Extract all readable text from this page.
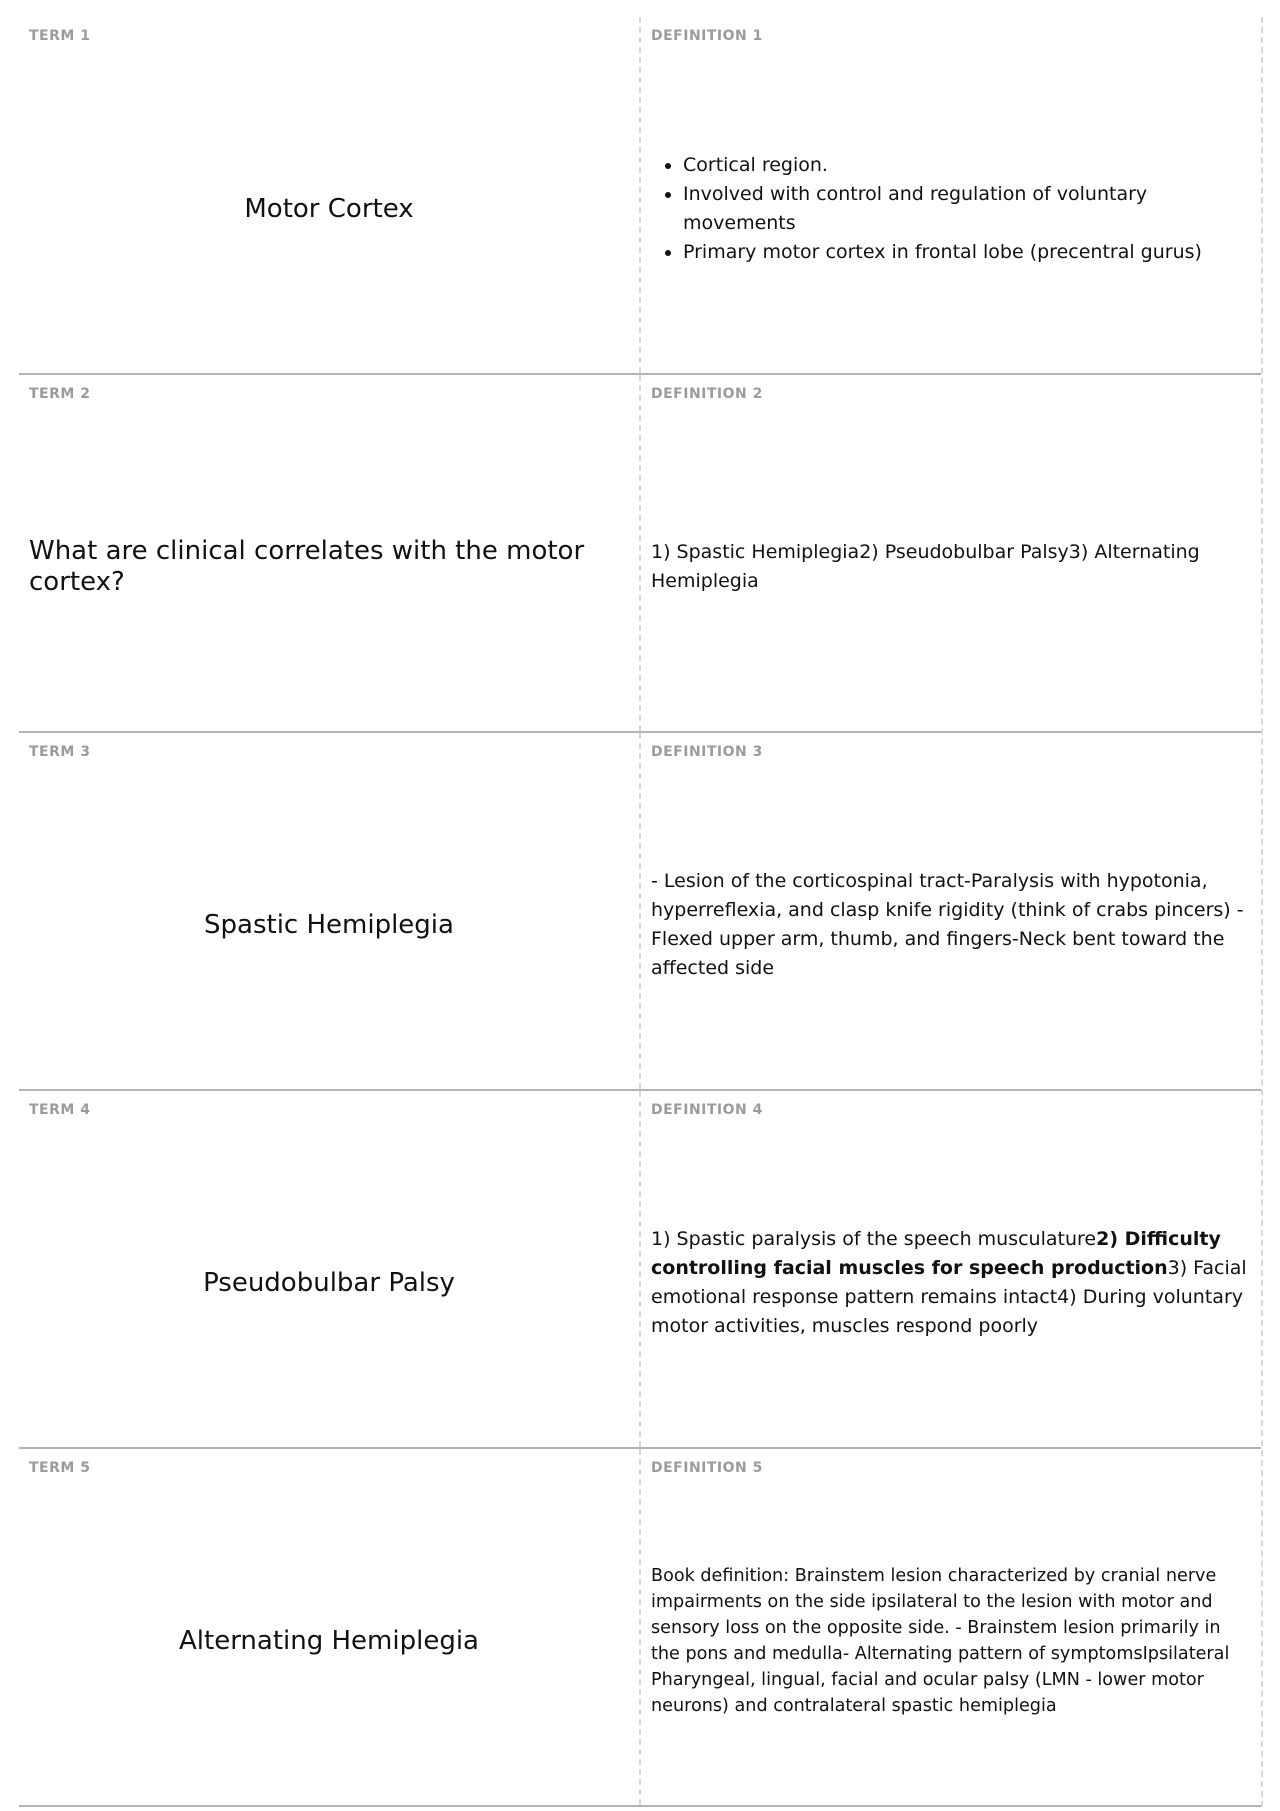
TERM 1
Motor Cortex
DEFINITION 1
• Cortical region.
• Involved with control and regulation of voluntary movements
• Primary motor cortex in frontal lobe (precentral gurus)
TERM 2
What are clinical correlates with the motor cortex?
DEFINITION 2
1) Spastic Hemiplegia2) Pseudobulbar Palsy3) Alternating Hemiplegia
TERM 3
Spastic Hemiplegia
DEFINITION 3
- Lesion of the corticospinal tract-Paralysis with hypotonia, hyperreflexia, and clasp knife rigidity (think of crabs pincers) -Flexed upper arm, thumb, and fingers-Neck bent toward the affected side
TERM 4
Pseudobulbar Palsy
DEFINITION 4
1) Spastic paralysis of the speech musculature2) Difficulty controlling facial muscles for speech production3) Facial emotional response pattern remains intact4) During voluntary motor activities, muscles respond poorly
TERM 5
Alternating Hemiplegia
DEFINITION 5
Book definition: Brainstem lesion characterized by cranial nerve impairments on the side ipsilateral to the lesion with motor and sensory loss on the opposite side. - Brainstem lesion primarily in the pons and medulla- Alternating pattern of symptomsIpsilateral Pharyngeal, lingual, facial and ocular palsy (LMN - lower motor neurons) and contralateral spastic hemiplegia
